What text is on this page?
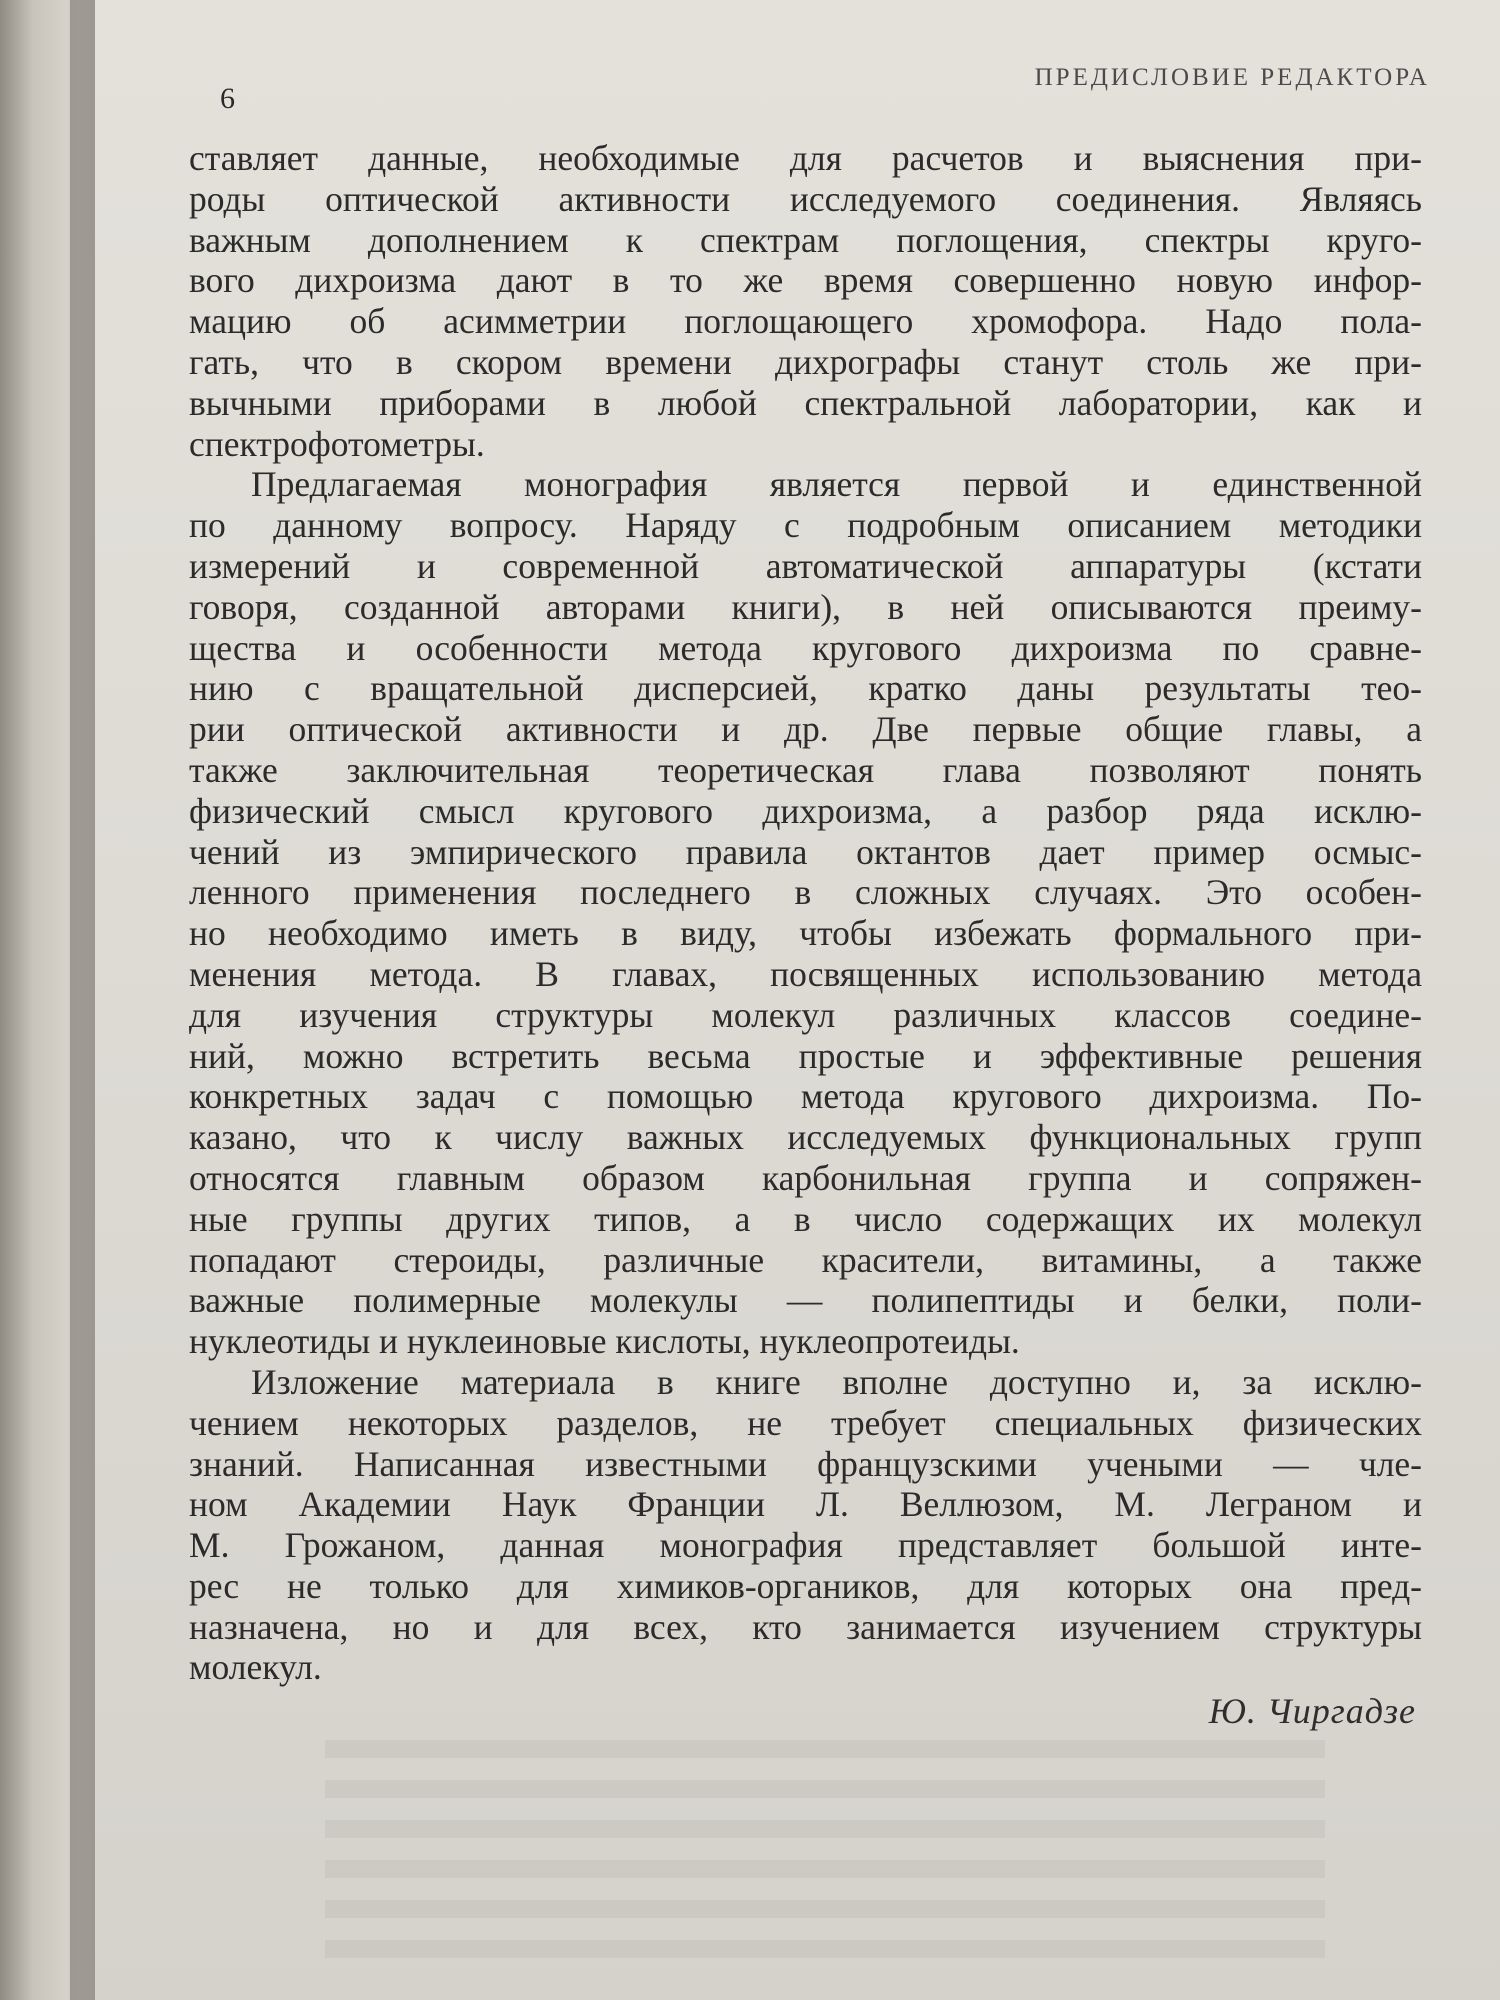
6
ПРЕДИСЛОВИЕ РЕДАКТОРА
ставляет данные, необходимые для расчетов и выяснения при-
роды оптической активности исследуемого соединения. Являясь
важным дополнением к спектрам поглощения, спектры круго-
вого дихроизма дают в то же время совершенно новую инфор-
мацию об асимметрии поглощающего хромофора. Надо пола-
гать, что в скором времени дихрографы станут столь же при-
вычными приборами в любой спектральной лаборатории, как и
спектрофотометры.
Предлагаемая монография является первой и единственной
по данному вопросу. Наряду с подробным описанием методики
измерений и современной автоматической аппаратуры (кстати
говоря, созданной авторами книги), в ней описываются преиму-
щества и особенности метода кругового дихроизма по сравне-
нию с вращательной дисперсией, кратко даны результаты тео-
рии оптической активности и др. Две первые общие главы, а
также заключительная теоретическая глава позволяют понять
физический смысл кругового дихроизма, а разбор ряда исклю-
чений из эмпирического правила октантов дает пример осмыс-
ленного применения последнего в сложных случаях. Это особен-
но необходимо иметь в виду, чтобы избежать формального при-
менения метода. В главах, посвященных использованию метода
для изучения структуры молекул различных классов соедине-
ний, можно встретить весьма простые и эффективные решения
конкретных задач с помощью метода кругового дихроизма. По-
казано, что к числу важных исследуемых функциональных групп
относятся главным образом карбонильная группа и сопряжен-
ные группы других типов, а в число содержащих их молекул
попадают стероиды, различные красители, витамины, а также
важные полимерные молекулы — полипептиды и белки, поли-
нуклеотиды и нуклеиновые кислоты, нуклеопротеиды.
Изложение материала в книге вполне доступно и, за исклю-
чением некоторых разделов, не требует специальных физических
знаний. Написанная известными французскими учеными — чле-
ном Академии Наук Франции Л. Веллюзом, М. Леграном и
М. Грожаном, данная монография представляет большой инте-
рес не только для химиков-органиков, для которых она пред-
назначена, но и для всех, кто занимается изучением структуры
молекул.
Ю. Чиргадзе
